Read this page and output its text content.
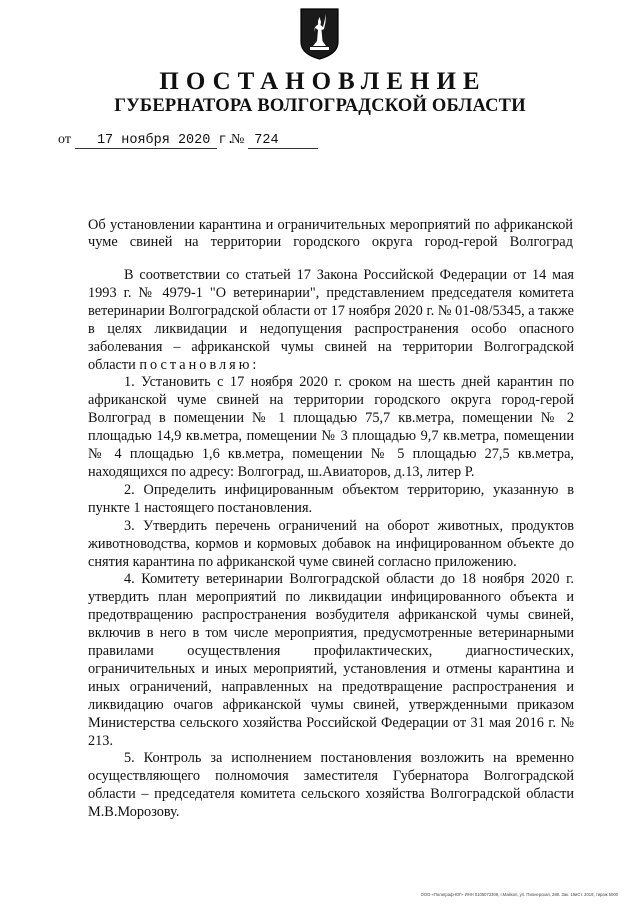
ПОСТАНОВЛЕНИЕ
ГУБЕРНАТОРА ВОЛГОГРАДСКОЙ ОБЛАСТИ
от 17 ноября 2020 г.№ 724
Об установлении карантина и ограничительных мероприятий по африканской
чуме свиней на территории городского округа город-герой Волгоград

В соответствии со статьей 17 Закона Российской Федерации от 14 мая 1993 г. № 4979-1 "О ветеринарии", представлением председателя комитета ветеринарии Волгоградской области от 17 ноября 2020 г. № 01-08/5345, а также в целях ликвидации и недопущения распространения особо опасного заболевания – африканской чумы свиней на территории Волгоградской области постановляю:

1. Установить с 17 ноября 2020 г. сроком на шесть дней карантин по африканской чуме свиней на территории городского округа город-герой Волгоград в помещении № 1 площадью 75,7 кв.метра, помещении № 2 площадью 14,9 кв.метра, помещении № 3 площадью 9,7 кв.метра, помещении № 4 площадью 1,6 кв.метра, помещении № 5 площадью 27,5 кв.метра, находящихся по адресу: Волгоград, ш.Авиаторов, д.13, литер Р.

2. Определить инфицированным объектом территорию, указанную в пункте 1 настоящего постановления.

3. Утвердить перечень ограничений на оборот животных, продуктов животноводства, кормов и кормовых добавок на инфицированном объекте до снятия карантина по африканской чуме свиней согласно приложению.

4. Комитету ветеринарии Волгоградской области до 18 ноября 2020 г. утвердить план мероприятий по ликвидации инфицированного объекта и предотвращению распространения возбудителя африканской чумы свиней, включив в него в том числе мероприятия, предусмотренные ветеринарными правилами осуществления профилактических, диагностических, ограничительных и иных мероприятий, установления и отмены карантина и иных ограничений, направленных на предотвращение распространения и ликвидацию очагов африканской чумы свиней, утвержденными приказом Министерства сельского хозяйства Российской Федерации от 31 мая 2016 г. № 213.

5. Контроль за исполнением постановления возложить на временно осуществляющего полномочия заместителя Губернатора Волгоградской области – председателя комитета сельского хозяйства Волгоградской области М.В.Морозову.

ООО «Полиграф-ЮГ» ИНН 0105072309, г.Майкоп, ул. Пионерская, 288. Зак. 19иСт. 2019, тираж 5000
